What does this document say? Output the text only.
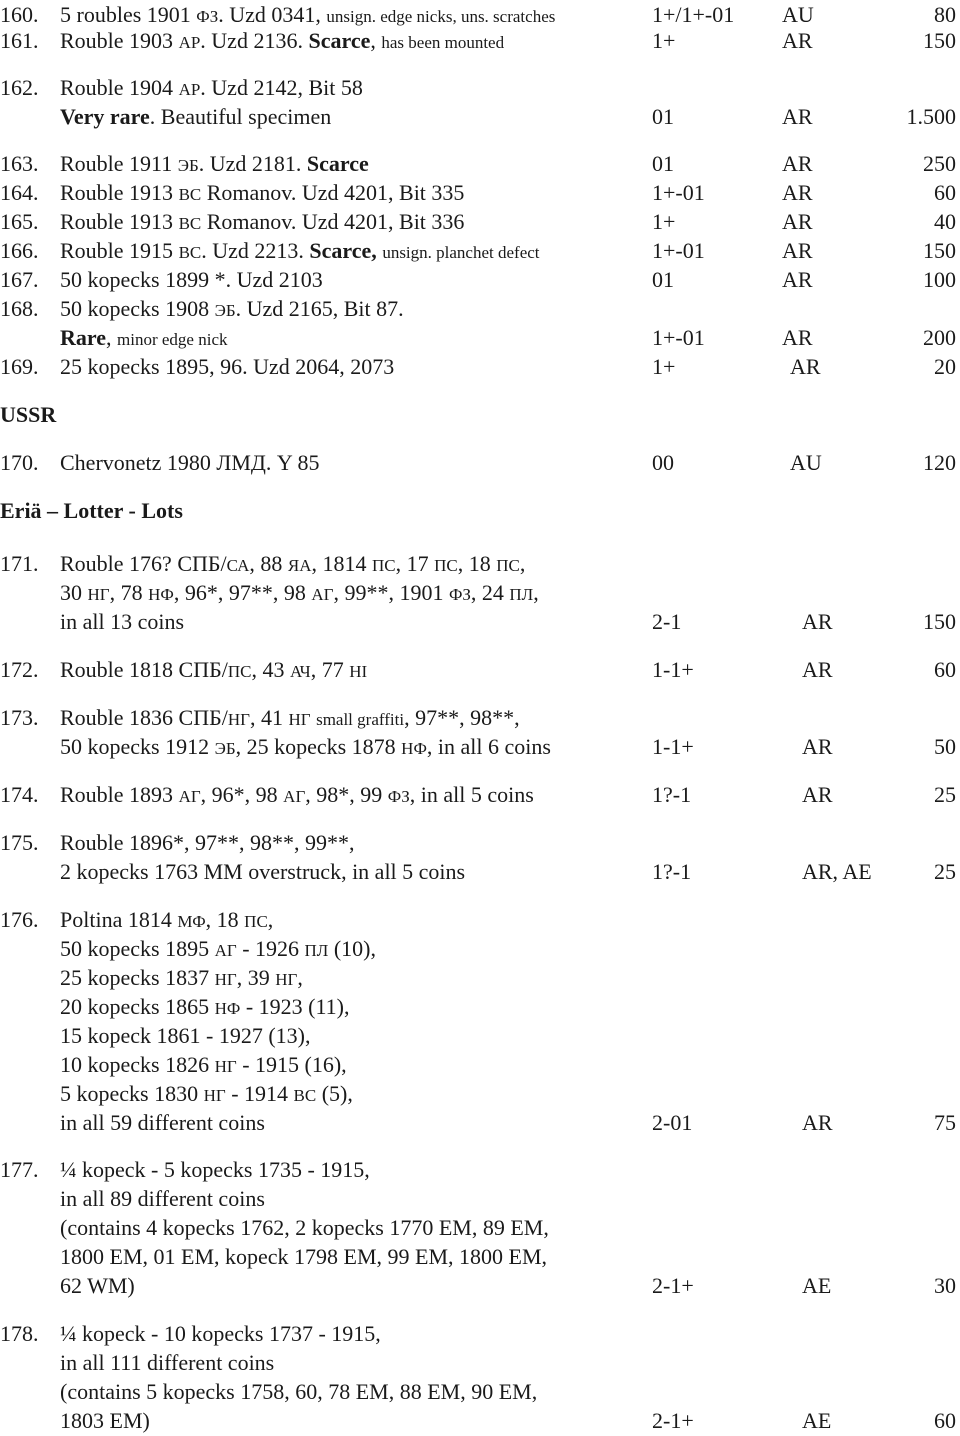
160. 5 roubles 1901 ФЗ. Uzd 0341, unsign. edge nicks, uns. scratches	1+/1+-01 AU	80
161. Rouble 1903 АР. Uzd 2136. Scarce, has been mounted	1+	AR	150
162. Rouble 1904 АР. Uzd 2142, Bit 58
Very rare. Beautiful specimen	01	AR	1.500
163. Rouble 1911 ЭБ. Uzd 2181. Scarce	01	AR	250
164. Rouble 1913 ВС Romanov. Uzd 4201, Bit 335	1+-01	AR	60
165. Rouble 1913 ВС Romanov. Uzd 4201, Bit 336	1+	AR	40
166. Rouble 1915 ВС. Uzd 2213. Scarce, unsign. planchet defect	1+-01	AR	150
167. 50 kopecks 1899 *. Uzd 2103	01	AR	100
168. 50 kopecks 1908 ЭБ. Uzd 2165, Bit 87.
Rare, minor edge nick	1+-01	AR	200
169. 25 kopecks 1895, 96. Uzd 2064, 2073	1+	AR	20
USSR
170. Chervonetz 1980 ЛМД. Y 85	00	AU	120
Eriä – Lotter - Lots
171. Rouble 176? СПБ/СА, 88 ЯА, 1814 ПС, 17 ПС, 18 ПС,
30 НГ, 78 НФ, 96*, 97**, 98 АГ, 99**, 1901 ФЗ, 24 ПЛ,
in all 13 coins	2-1	AR	150
172. Rouble 1818 СПБ/ПС, 43 АЧ, 77 НІ	1-1+	AR	60
173. Rouble 1836 СПБ/НГ, 41 НГ small graffiti, 97**, 98**,
50 kopecks 1912 ЭБ, 25 kopecks 1878 НФ, in all 6 coins	1-1+	AR	50
174. Rouble 1893 АГ, 96*, 98 АГ, 98*, 99 ФЗ, in all 5 coins	1?-1	AR	25
175. Rouble 1896*, 97**, 98**, 99**,
2 kopecks 1763 MM overstruck, in all 5 coins	1?-1	AR, AE	25
176. Poltina 1814 МФ, 18 ПС,
50 kopecks 1895 АГ - 1926 ПЛ (10),
25 kopecks 1837 НГ, 39 НГ,
20 kopecks 1865 НФ - 1923 (11),
15 kopeck 1861 - 1927 (13),
10 kopecks 1826 НГ - 1915 (16),
5 kopecks 1830 НГ - 1914 ВС (5),
in all 59 different coins	2-01	AR	75
177. ¼ kopeck - 5 kopecks 1735 - 1915,
in all 89 different coins
(contains 4 kopecks 1762, 2 kopecks 1770 EM, 89 EM,
1800 EM, 01 EM, kopeck 1798 EM, 99 EM, 1800 EM,
62 WM)	2-1+	AE	30
178. ¼ kopeck - 10 kopecks 1737 - 1915,
in all 111 different coins
(contains 5 kopecks 1758, 60, 78 EM, 88 EM, 90 EM,
1803 EM)	2-1+	AE	60
